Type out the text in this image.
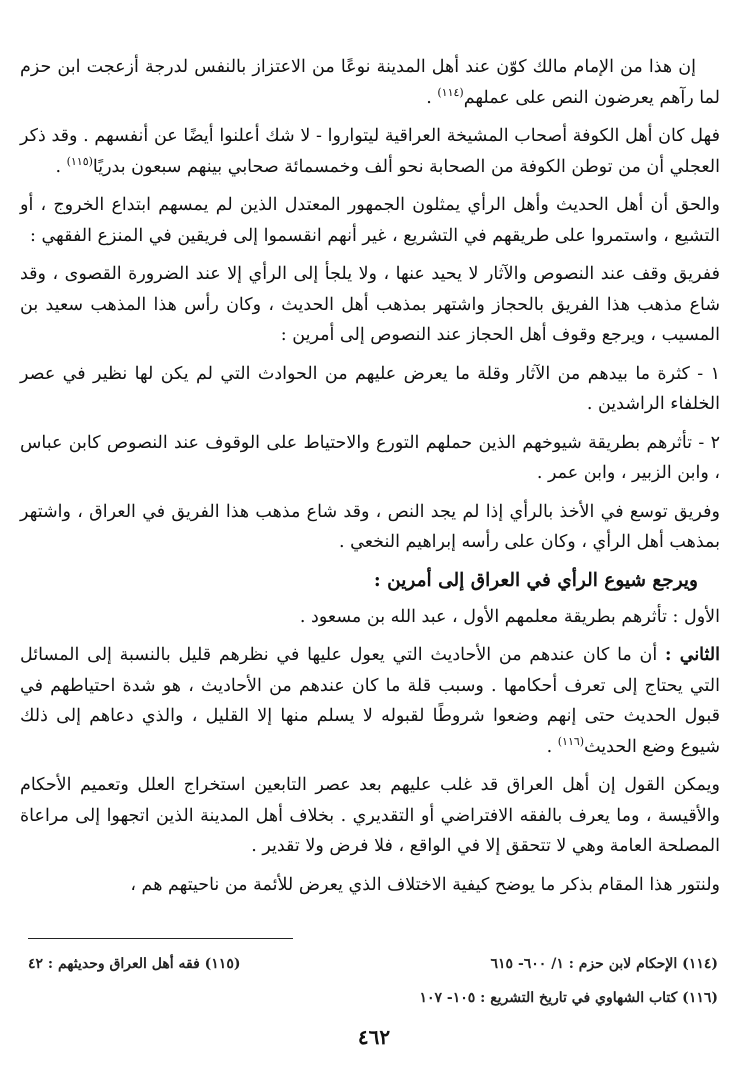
إن هذا من الإمام مالك كوّن عند أهل المدينة نوعًا من الاعتزاز بالنفس لدرجة أزعجت ابن حزم لما رآهم يعرضون النص على عملهم$^{(١١٤)}$ .

فهل كان أهل الكوفة أصحاب المشيخة العراقية ليتواروا - لا شك أعلنوا أيضًا عن أنفسهم . وقد ذكر العجلي أن من توطن الكوفة من الصحابة نحو ألف وخمسمائة صحابي بينهم سبعون بدريًا$^{(١١٥)}$ .

والحق أن أهل الحديث وأهل الرأي يمثلون الجمهور المعتدل الذين لم يمسهم ابتداع الخروج ، أو التشيع ، واستمروا على طريقهم في التشريع ، غير أنهم انقسموا إلى فريقين في المنزع الفقهي :

ففريق وقف عند النصوص والآثار لا يحيد عنها ، ولا يلجأ إلى الرأي إلا عند الضرورة القصوى ، وقد شاع مذهب هذا الفريق بالحجاز واشتهر بمذهب أهل الحديث ، وكان رأس هذا المذهب سعيد بن المسيب ، ويرجع وقوف أهل الحجاز عند النصوص إلى أمرين :

١ - كثرة ما بيدهم من الآثار وقلة ما يعرض عليهم من الحوادث التي لم يكن لها نظير في عصر الخلفاء الراشدين .

٢ - تأثرهم بطريقة شيوخهم الذين حملهم التورع والاحتياط على الوقوف عند النصوص كابن عباس ، وابن الزبير ، وابن عمر .

وفريق توسع في الأخذ بالرأي إذا لم يجد النص ، وقد شاع مذهب هذا الفريق في العراق ، واشتهر بمذهب أهل الرأي ، وكان على رأسه إبراهيم النخعي .

ويرجع شيوع الرأي في العراق إلى أمرين :

الأول : تأثرهم بطريقة معلمهم الأول ، عبد الله بن مسعود .

الثاني : أن ما كان عندهم من الأحاديث التي يعول عليها في نظرهم قليل بالنسبة إلى المسائل التي يحتاج إلى تعرف أحكامها . وسبب قلة ما كان عندهم من الأحاديث ، هو شدة احتياطهم في قبول الحديث حتى إنهم وضعوا شروطًا لقبوله لا يسلم منها إلا القليل ، والذي دعاهم إلى ذلك شيوع وضع الحديث$^{(١١٦)}$ .

ويمكن القول إن أهل العراق قد غلب عليهم بعد عصر التابعين استخراج العلل وتعميم الأحكام والأقيسة ، وما يعرف بالفقه الافتراضي أو التقديري . بخلاف أهل المدينة الذين اتجهوا إلى مراعاة المصلحة العامة وهي لا تتحقق إلا في الواقع ، فلا فرض ولا تقدير .

ولنتور هذا المقام بذكر ما يوضح كيفية الاختلاف الذي يعرض للأئمة من ناحيتهم هم ،

(١١٤) الإحكام لابن حزم : ١/ ٦٠٠- ٦١٥
(١١٥) فقه أهل العراق وحديثهم : ٤٢
(١١٦) كتاب الشهاوي في تاريخ التشريع : ١٠٥- ١٠٧
٤٦٢
